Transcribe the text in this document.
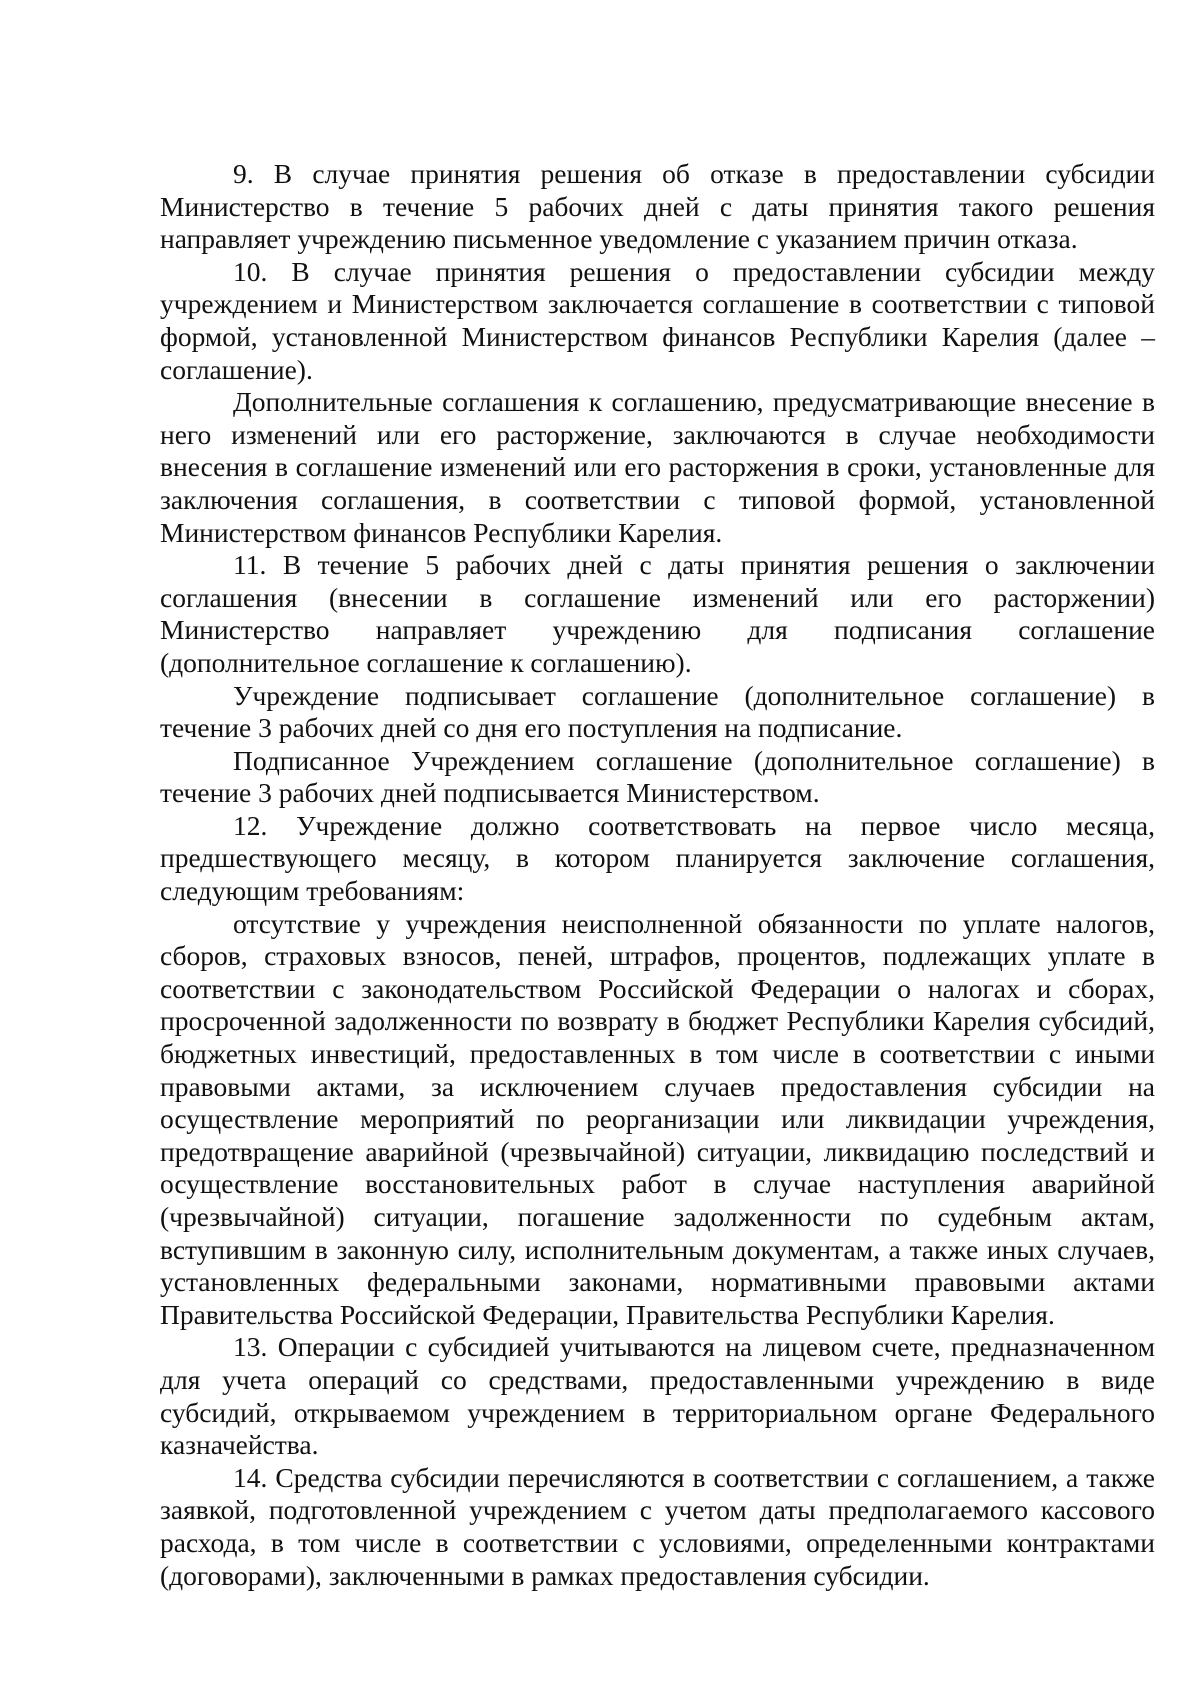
9. В случае принятия решения об отказе в предоставлении субсидии Министерство в течение 5 рабочих дней с даты принятия такого решения направляет учреждению письменное уведомление с указанием причин отказа.

10. В случае принятия решения о предоставлении субсидии между учреждением и Министерством заключается соглашение в соответствии с типовой формой, установленной Министерством финансов Республики Карелия (далее – соглашение).

Дополнительные соглашения к соглашению, предусматривающие внесение в него изменений или его расторжение, заключаются в случае необходимости внесения в соглашение изменений или его расторжения в сроки, установленные для заключения соглашения, в соответствии с типовой формой, установленной Министерством финансов Республики Карелия.

11. В течение 5 рабочих дней с даты принятия решения о заключении соглашения (внесении в соглашение изменений или его расторжении) Министерство направляет учреждению для подписания соглашение (дополнительное соглашение к соглашению).

Учреждение подписывает соглашение (дополнительное соглашение) в течение 3 рабочих дней со дня его поступления на подписание.

Подписанное Учреждением соглашение (дополнительное соглашение) в течение 3 рабочих дней подписывается Министерством.

12. Учреждение должно соответствовать на первое число месяца, предшествующего месяцу, в котором планируется заключение соглашения, следующим требованиям:

отсутствие у учреждения неисполненной обязанности по уплате налогов, сборов, страховых взносов, пеней, штрафов, процентов, подлежащих уплате в соответствии с законодательством Российской Федерации о налогах и сборах, просроченной задолженности по возврату в бюджет Республики Карелия субсидий, бюджетных инвестиций, предоставленных в том числе в соответствии с иными правовыми актами, за исключением случаев предоставления субсидии на осуществление мероприятий по реорганизации или ликвидации учреждения, предотвращение аварийной (чрезвычайной) ситуации, ликвидацию последствий и осуществление восстановительных работ в случае наступления аварийной (чрезвычайной) ситуации, погашение задолженности по судебным актам, вступившим в законную силу, исполнительным документам, а также иных случаев, установленных федеральными законами, нормативными правовыми актами Правительства Российской Федерации, Правительства Республики Карелия.

13. Операции с субсидией учитываются на лицевом счете, предназначенном для учета операций со средствами, предоставленными учреждению в виде субсидий, открываемом учреждением в территориальном органе Федерального казначейства.

14. Средства субсидии перечисляются в соответствии с соглашением, а также заявкой, подготовленной учреждением с учетом даты предполагаемого кассового расхода, в том числе в соответствии с условиями, определенными контрактами (договорами), заключенными в рамках предоставления субсидии.
